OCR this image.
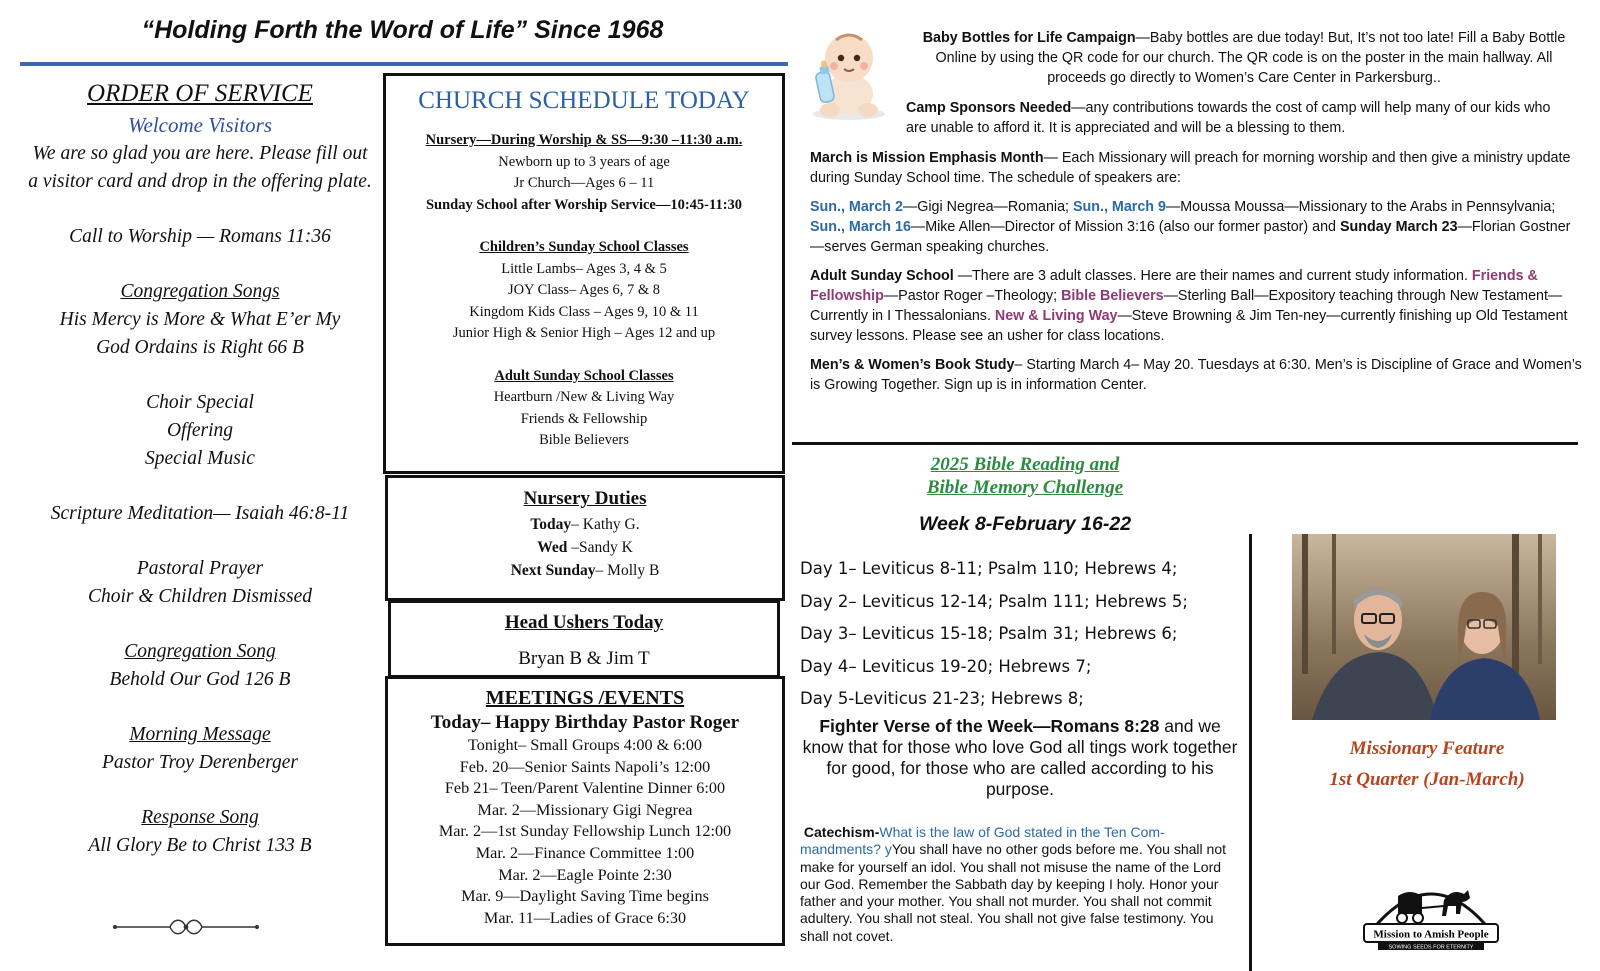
“Holding Forth the Word of Life” Since 1968
ORDER OF SERVICE
Welcome Visitors
We are so glad you are here. Please fill out
a visitor card and drop in the offering plate.
Call to Worship — Romans 11:36
Congregation Songs
His Mercy is More & What E’er My
God Ordains is Right 66 B
Choir Special
Offering
Special Music
Scripture Meditation— Isaiah 46:8-11
Pastoral Prayer
Choir & Children Dismissed
Congregation Song
Behold Our God 126 B
Morning Message
Pastor Troy Derenberger
Response Song
All Glory Be to Christ 133 B
CHURCH SCHEDULE TODAY
Nursery—During Worship & SS—9:30 –11:30 a.m.
Newborn up to 3 years of age
Jr Church—Ages 6 – 11
Sunday School after Worship Service—10:45-11:30
Children’s Sunday School Classes
Little Lambs– Ages 3, 4 & 5
JOY Class– Ages 6, 7 & 8
Kingdom Kids Class – Ages 9, 10 & 11
Junior High & Senior High – Ages 12 and up
Adult Sunday School Classes
Heartburn /New & Living Way
Friends & Fellowship
Bible Believers
Nursery Duties
Today– Kathy G.
Wed –Sandy K
Next Sunday– Molly B
Head Ushers Today
Bryan B & Jim T
MEETINGS /EVENTS
Today– Happy Birthday Pastor Roger
Tonight– Small Groups 4:00 & 6:00
Feb. 20—Senior Saints Napoli’s 12:00
Feb 21– Teen/Parent Valentine Dinner 6:00
Mar. 2—Missionary Gigi Negrea
Mar. 2—1st Sunday Fellowship Lunch 12:00
Mar. 2—Finance Committee 1:00
Mar. 2—Eagle Pointe 2:30
Mar. 9—Daylight Saving Time begins
Mar. 11—Ladies of Grace 6:30
Baby Bottles for Life Campaign—Baby bottles are due today! But, It’s not too late! Fill a Baby Bottle Online by using the QR code for our church. The QR code is on the poster in the main hallway. All proceeds go directly to Women’s Care Center in Parkersburg..
Camp Sponsors Needed—any contributions towards the cost of camp will help many of our kids who are unable to afford it. It is appreciated and will be a blessing to them.

March is Mission Emphasis Month— Each Missionary will preach for morning worship and then give a ministry update during Sunday School time. The schedule of speakers are:

Sun., March 2—Gigi Negrea—Romania; Sun., March 9—Moussa Moussa—Missionary to the Arabs in Pennsylvania; Sun., March 16—Mike Allen—Director of Mission 3:16 (also our former pastor) and Sunday March 23—Florian Gostner—serves German speaking churches.

Adult Sunday School —There are 3 adult classes. Here are their names and current study information. Friends & Fellowship—Pastor Roger –Theology; Bible Believers—Sterling Ball—Expository teaching through New Testament—Currently in I Thessalonians. New & Living Way—Steve Browning & Jim Ten-ney—currently finishing up Old Testament survey lessons. Please see an usher for class locations.

Men’s & Women’s Book Study– Starting March 4– May 20. Tuesdays at 6:30. Men’s is Discipline of Grace and Women’s is Growing Together. Sign up is in information Center.

2025 Bible Reading and
Bible Memory Challenge
Week 8-February 16-22
Day 1– Leviticus 8-11; Psalm 110; Hebrews 4;
Day 2– Leviticus 12-14; Psalm 111; Hebrews 5;
Day 3– Leviticus 15-18; Psalm 31; Hebrews 6;
Day 4– Leviticus 19-20; Hebrews 7;
Day 5-Leviticus 21-23; Hebrews 8;
Fighter Verse of the Week—Romans 8:28 and we know that for those who love God all tings work together for good, for those who are called according to his purpose.
Catechism-What is the law of God stated in the Ten Com-mandments? yYou shall have no other gods before me. You shall not make for yourself an idol. You shall not misuse the name of the Lord our God. Remember the Sabbath day by keeping I holy. Honor your father and your mother. You shall not murder. You shall not commit adultery. You shall not steal. You shall not give false testimony. You shall not covet.
Missionary Feature
1st Quarter (Jan-March)
Mission to Amish People
SOWING SEEDS FOR ETERNITY
